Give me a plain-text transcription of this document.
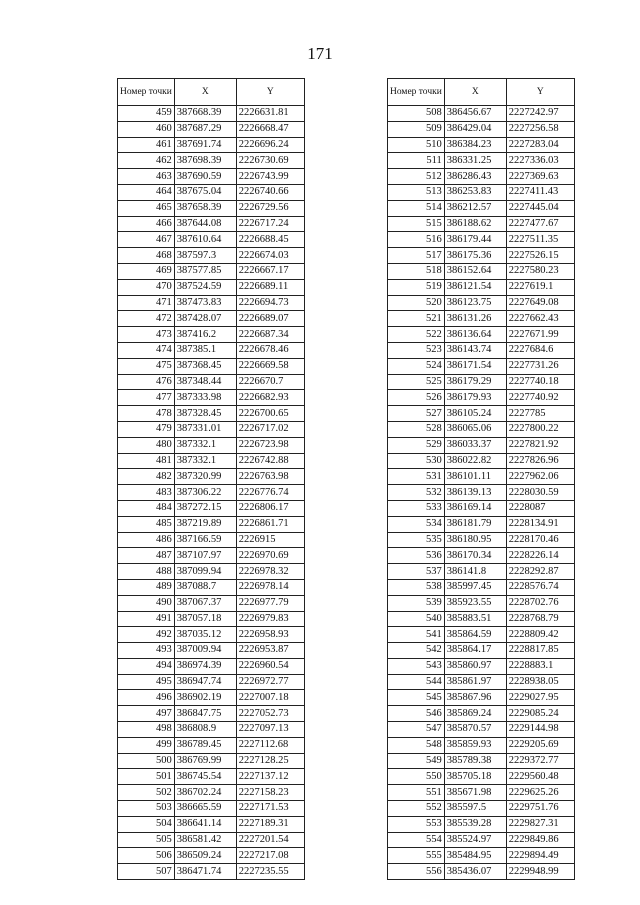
171
Номер точки	X	Y
459	387668.39	2226631.81
460	387687.29	2226668.47
461	387691.74	2226696.24
462	387698.39	2226730.69
463	387690.59	2226743.99
464	387675.04	2226740.66
465	387658.39	2226729.56
466	387644.08	2226717.24
467	387610.64	2226688.45
468	387597.3	2226674.03
469	387577.85	2226667.17
470	387524.59	2226689.11
471	387473.83	2226694.73
472	387428.07	2226689.07
473	387416.2	2226687.34
474	387385.1	2226678.46
475	387368.45	2226669.58
476	387348.44	2226670.7
477	387333.98	2226682.93
478	387328.45	2226700.65
479	387331.01	2226717.02
480	387332.1	2226723.98
481	387332.1	2226742.88
482	387320.99	2226763.98
483	387306.22	2226776.74
484	387272.15	2226806.17
485	387219.89	2226861.71
486	387166.59	2226915
487	387107.97	2226970.69
488	387099.94	2226978.32
489	387088.7	2226978.14
490	387067.37	2226977.79
491	387057.18	2226979.83
492	387035.12	2226958.93
493	387009.94	2226953.87
494	386974.39	2226960.54
495	386947.74	2226972.77
496	386902.19	2227007.18
497	386847.75	2227052.73
498	386808.9	2227097.13
499	386789.45	2227112.68
500	386769.99	2227128.25
501	386745.54	2227137.12
502	386702.24	2227158.23
503	386665.59	2227171.53
504	386641.14	2227189.31
505	386581.42	2227201.54
506	386509.24	2227217.08
507	386471.74	2227235.55
Номер точки	X	Y
508	386456.67	2227242.97
509	386429.04	2227256.58
510	386384.23	2227283.04
511	386331.25	2227336.03
512	386286.43	2227369.63
513	386253.83	2227411.43
514	386212.57	2227445.04
515	386188.62	2227477.67
516	386179.44	2227511.35
517	386175.36	2227526.15
518	386152.64	2227580.23
519	386121.54	2227619.1
520	386123.75	2227649.08
521	386131.26	2227662.43
522	386136.64	2227671.99
523	386143.74	2227684.6
524	386171.54	2227731.26
525	386179.29	2227740.18
526	386179.93	2227740.92
527	386105.24	2227785
528	386065.06	2227800.22
529	386033.37	2227821.92
530	386022.82	2227826.96
531	386101.11	2227962.06
532	386139.13	2228030.59
533	386169.14	2228087
534	386181.79	2228134.91
535	386180.95	2228170.46
536	386170.34	2228226.14
537	386141.8	2228292.87
538	385997.45	2228576.74
539	385923.55	2228702.76
540	385883.51	2228768.79
541	385864.59	2228809.42
542	385864.17	2228817.85
543	385860.97	2228883.1
544	385861.97	2228938.05
545	385867.96	2229027.95
546	385869.24	2229085.24
547	385870.57	2229144.98
548	385859.93	2229205.69
549	385789.38	2229372.77
550	385705.18	2229560.48
551	385671.98	2229625.26
552	385597.5	2229751.76
553	385539.28	2229827.31
554	385524.97	2229849.86
555	385484.95	2229894.49
556	385436.07	2229948.99
